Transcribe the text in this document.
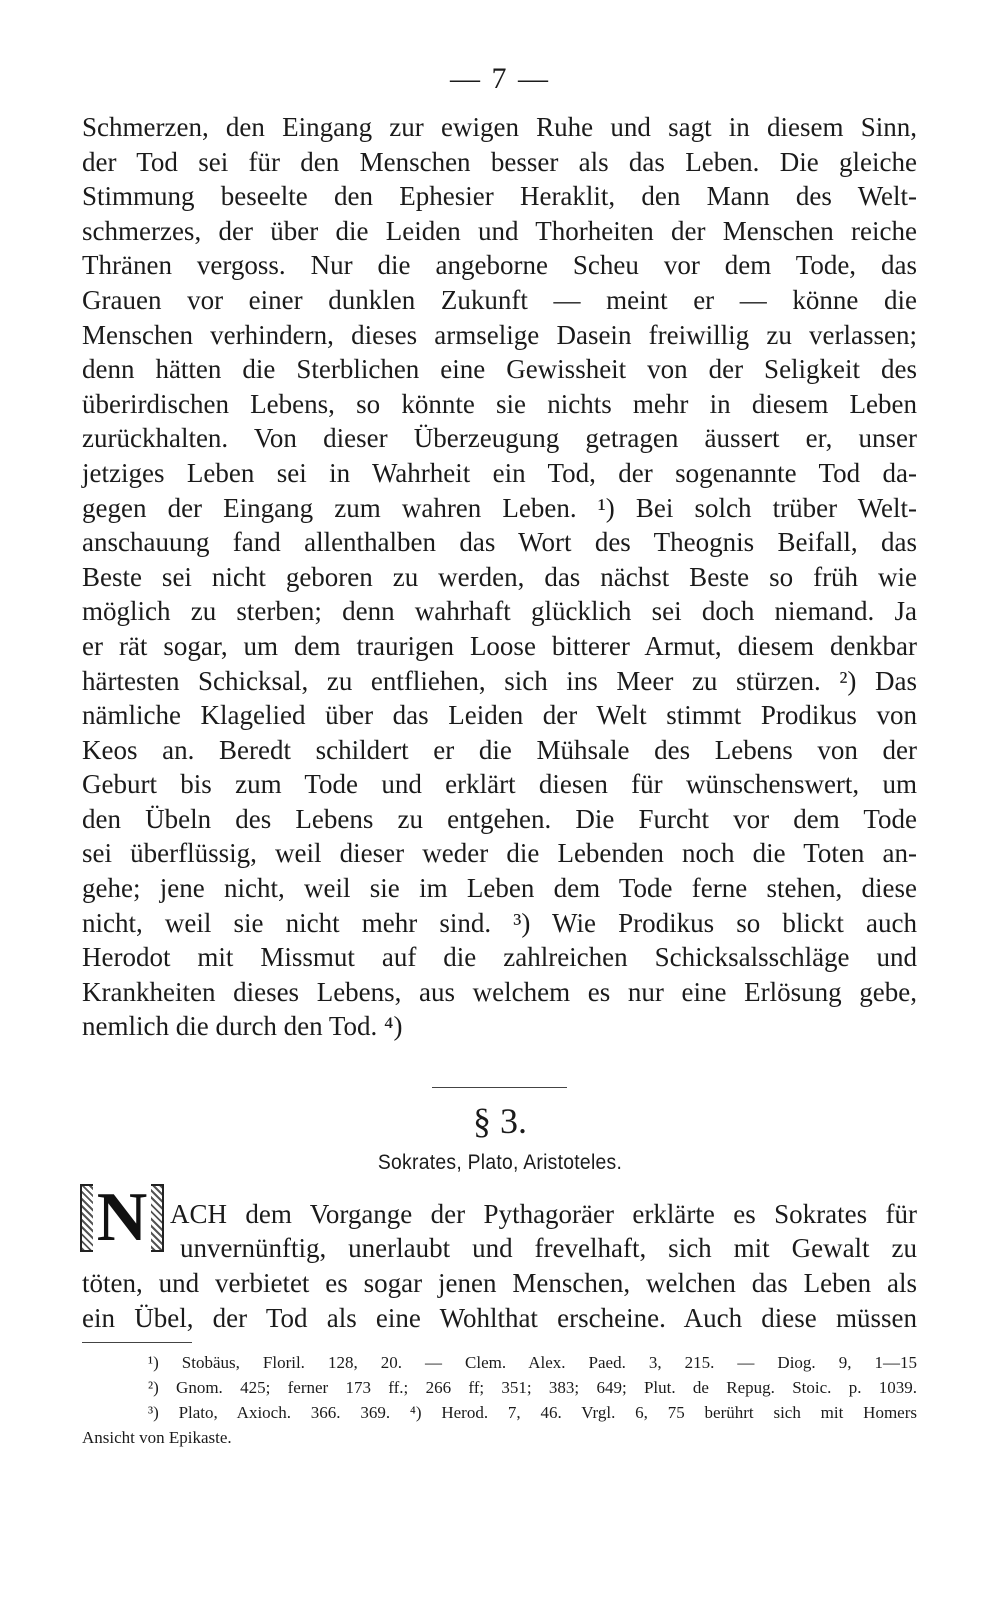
— 7 —
Schmerzen, den Eingang zur ewigen Ruhe und sagt in diesem Sinn,
der Tod sei für den Menschen besser als das Leben. Die gleiche
Stimmung beseelte den Ephesier Heraklit, den Mann des Welt-
schmerzes, der über die Leiden und Thorheiten der Menschen reiche
Thränen vergoss. Nur die angeborne Scheu vor dem Tode, das
Grauen vor einer dunklen Zukunft — meint er — könne die
Menschen verhindern, dieses armselige Dasein freiwillig zu verlassen;
denn hätten die Sterblichen eine Gewissheit von der Seligkeit des
überirdischen Lebens, so könnte sie nichts mehr in diesem Leben
zurückhalten. Von dieser Überzeugung getragen äussert er, unser
jetziges Leben sei in Wahrheit ein Tod, der sogenannte Tod da-
gegen der Eingang zum wahren Leben. ¹) Bei solch trüber Welt-
anschauung fand allenthalben das Wort des Theognis Beifall, das
Beste sei nicht geboren zu werden, das nächst Beste so früh wie
möglich zu sterben; denn wahrhaft glücklich sei doch niemand. Ja
er rät sogar, um dem traurigen Loose bitterer Armut, diesem denkbar
härtesten Schicksal, zu entfliehen, sich ins Meer zu stürzen. ²) Das
nämliche Klagelied über das Leiden der Welt stimmt Prodikus von
Keos an. Beredt schildert er die Mühsale des Lebens von der
Geburt bis zum Tode und erklärt diesen für wünschenswert, um
den Übeln des Lebens zu entgehen. Die Furcht vor dem Tode
sei überflüssig, weil dieser weder die Lebenden noch die Toten an-
gehe; jene nicht, weil sie im Leben dem Tode ferne stehen, diese
nicht, weil sie nicht mehr sind. ³) Wie Prodikus so blickt auch
Herodot mit Missmut auf die zahlreichen Schicksalsschläge und
Krankheiten dieses Lebens, aus welchem es nur eine Erlösung gebe,
nemlich die durch den Tod. ⁴)
§ 3.
Sokrates, Plato, Aristoteles.
N ACH dem Vorgange der Pythagoräer erklärte es Sokrates für
unvernünftig, unerlaubt und frevelhaft, sich mit Gewalt zu
töten, und verbietet es sogar jenen Menschen, welchen das Leben als
ein Übel, der Tod als eine Wohlthat erscheine. Auch diese müssen
¹) Stobäus, Floril. 128, 20. — Clem. Alex. Paed. 3, 215. — Diog. 9, 1—15
²) Gnom. 425; ferner 173 ff.; 266 ff; 351; 383; 649; Plut. de Repug. Stoic. p. 1039.
³) Plato, Axioch. 366. 369. ⁴) Herod. 7, 46. Vrgl. 6, 75 berührt sich mit Homers
Ansicht von Epikaste.
